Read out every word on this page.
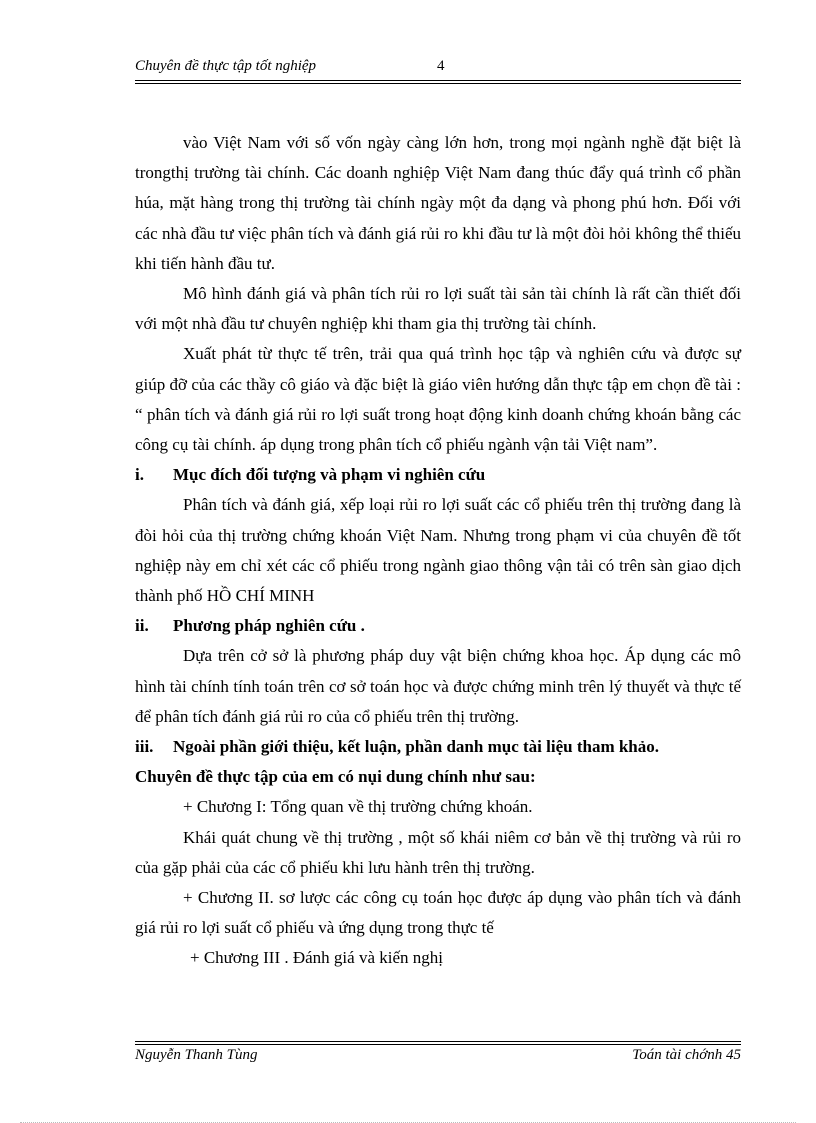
Chuyên đề thực tập tốt nghiệp	4

vào Việt Nam với số vốn ngày càng lớn hơn, trong mọi ngành nghề đặt biệt là trongthị trường tài chính. Các doanh nghiệp Việt Nam đang thúc đẩy quá trình cổ phần húa, mặt hàng trong thị trường tài chính ngày một đa dạng và phong phú hơn. Đối với các nhà đầu tư việc phân tích và đánh giá rủi ro khi đầu tư là một đòi hỏi không thể thiếu khi tiến hành đầu tư.

Mô hình đánh giá và phân tích rủi ro lợi suất tài sản tài chính là rất cần thiết đối với một nhà đầu tư chuyên nghiệp khi tham gia thị trường tài chính.

Xuất phát từ thực tế trên, trải qua quá trình học tập và nghiên cứu và được sự giúp đỡ của các thầy cô giáo và đặc biệt là giáo viên hướng dẫn thực tập em chọn đề tài : “ phân tích và đánh giá rủi ro lợi suất trong hoạt động kinh doanh chứng khoán bằng các công cụ tài chính. áp dụng trong phân tích cổ phiếu ngành vận tải Việt nam”.

i.	Mục đích đối tượng và phạm vi nghiên cứu

Phân tích và đánh giá, xếp loại rủi ro lợi suất các cổ phiếu trên thị trường đang là đòi hỏi của thị trường chứng khoán Việt Nam. Nhưng trong phạm vi của chuyên đề tốt nghiệp này em chỉ xét các cổ phiếu trong ngành giao thông vận tải có trên sàn giao dịch thành phố HỒ CHÍ MINH

ii.	Phương pháp nghiên cứu .

Dựa trên cở sở là phương pháp duy vật biện chứng khoa học. Áp dụng các mô hình tài chính tính toán trên cơ sở toán học và được chứng minh trên lý thuyết và thực tế để phân tích đánh giá rủi ro của cổ phiếu trên thị trường.

iii.	Ngoài phần giới thiệu, kết luận, phần danh mục tài liệu tham khảo.

Chuyên đề thực tập của em có nụi dung chính như sau:

+ Chương I: Tổng quan về thị trường chứng khoán.

Khái quát chung về thị trường , một số khái niêm cơ bản về thị trường và rủi ro của gặp phải của các cổ phiếu khi lưu hành trên thị trường.

+ Chương II. sơ lược các công cụ toán học được áp dụng vào phân tích và đánh giá rủi ro lợi suất cổ phiếu và ứng dụng trong thực tế

+ Chương III . Đánh giá và kiến nghị

Nguyễn Thanh Tùng	Toán tài chớnh 45
